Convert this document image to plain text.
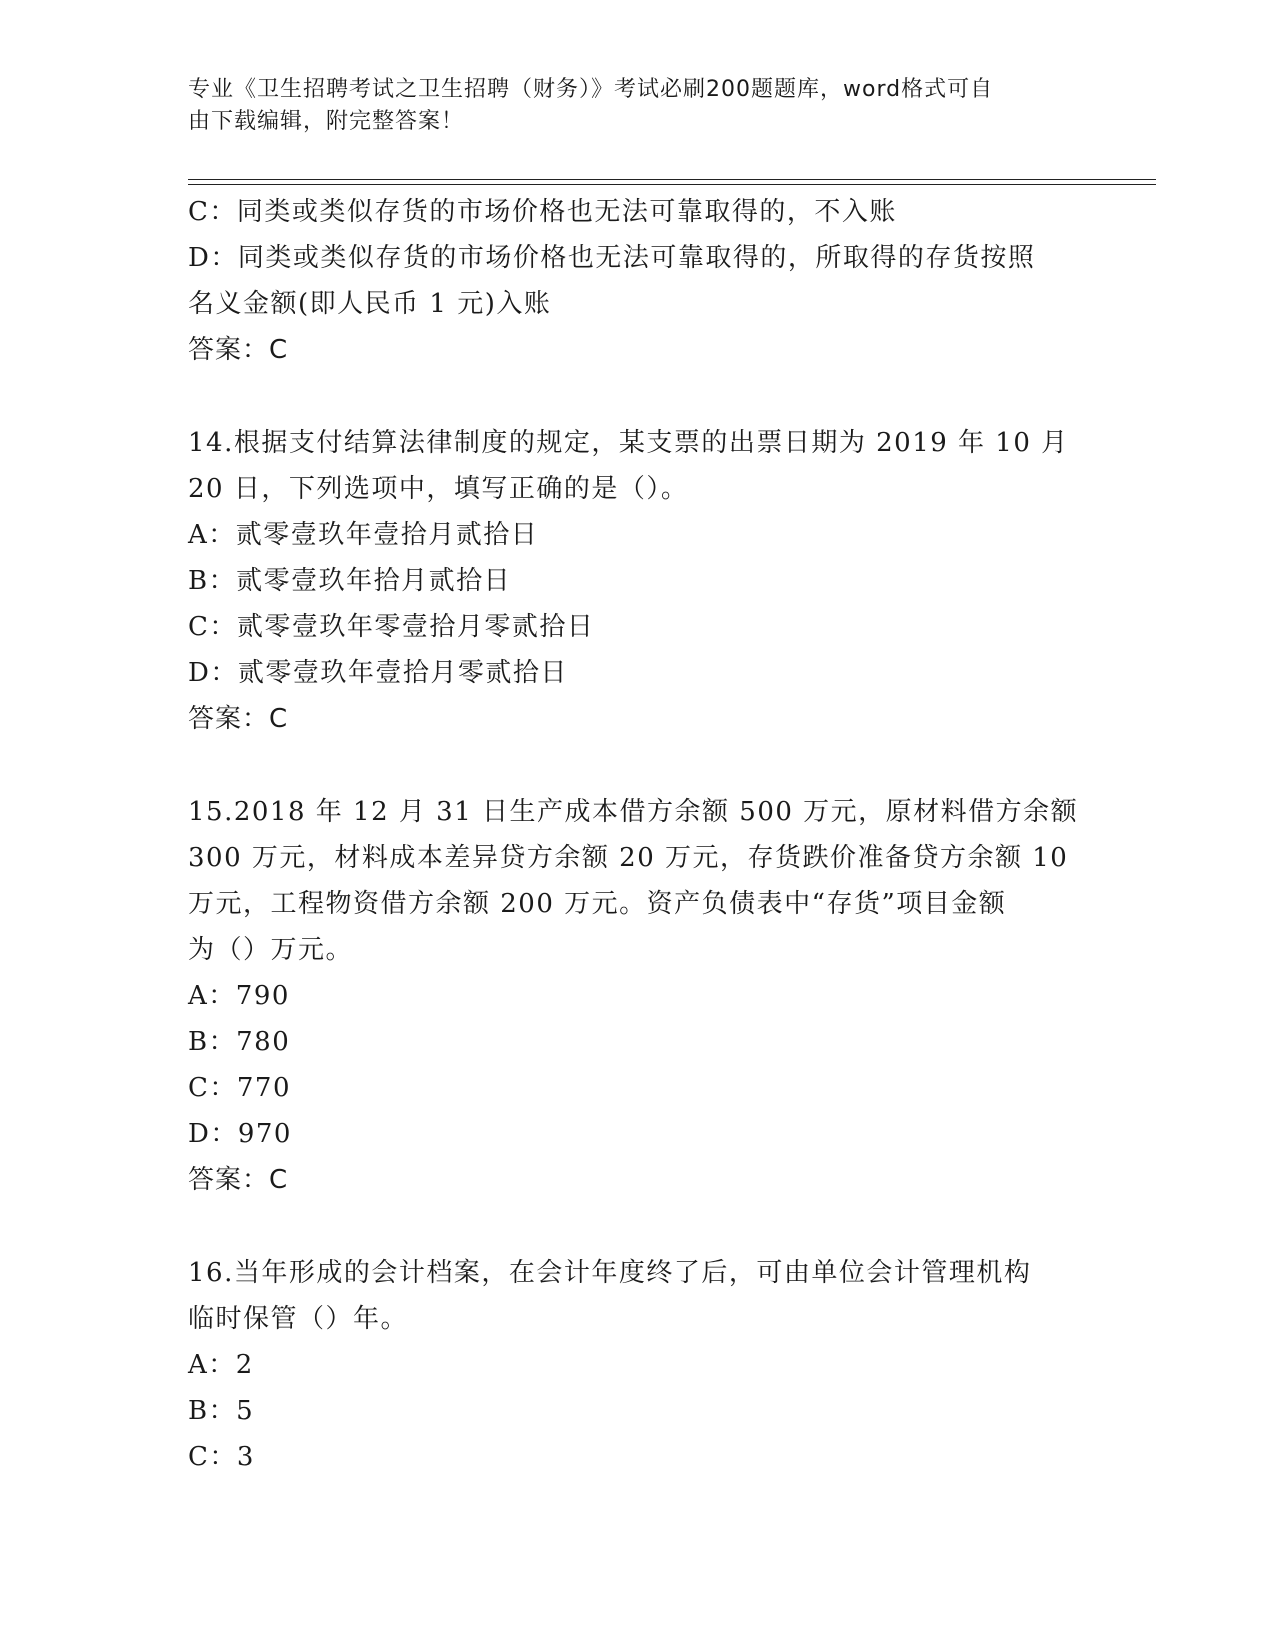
专业《卫生招聘考试之卫生招聘（财务）》考试必刷200题题库，word格式可自
由下载编辑，附完整答案！
C：同类或类似存货的市场价格也无法可靠取得的，不入账
D：同类或类似存货的市场价格也无法可靠取得的，所取得的存货按照
名义金额(即人民币 1 元)入账
答案：C
14.根据支付结算法律制度的规定，某支票的出票日期为 2019 年 10 月
20 日，下列选项中，填写正确的是（）。
A：贰零壹玖年壹拾月贰拾日
B：贰零壹玖年拾月贰拾日
C：贰零壹玖年零壹拾月零贰拾日
D：贰零壹玖年壹拾月零贰拾日
答案：C
15.2018 年 12 月 31 日生产成本借方余额 500 万元，原材料借方余额
300 万元，材料成本差异贷方余额 20 万元，存货跌价准备贷方余额 10
万元，工程物资借方余额 200 万元。资产负债表中“存货”项目金额
为（）万元。
A：790
B：780
C：770
D：970
答案：C
16.当年形成的会计档案，在会计年度终了后，可由单位会计管理机构
临时保管（）年。
A：2
B：5
C：3
